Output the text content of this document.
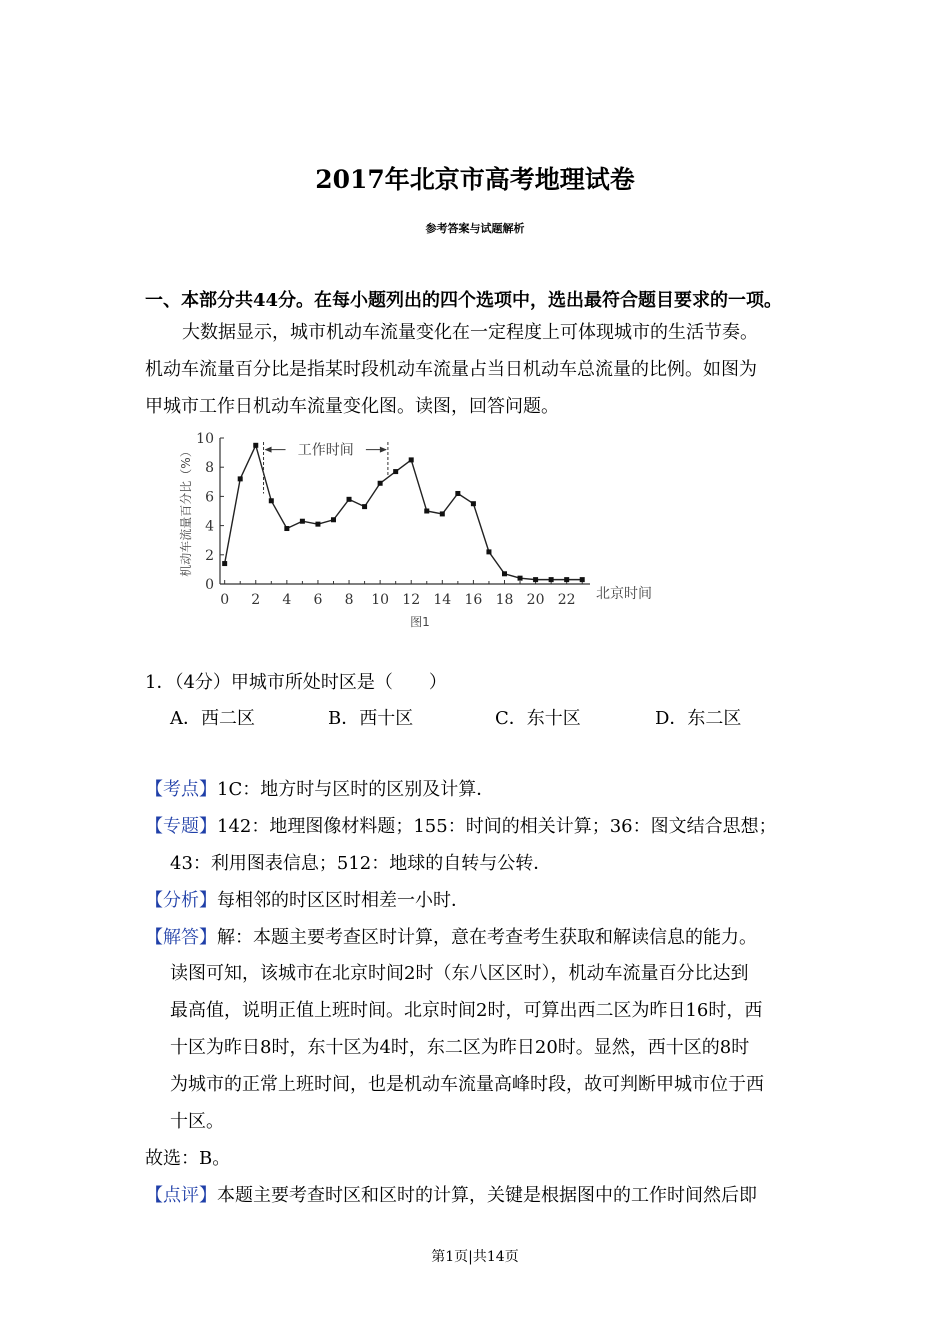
2017年北京市高考地理试卷
参考答案与试题解析
一、本部分共44分。在每小题列出的四个选项中，选出最符合题目要求的一项。
大数据显示，城市机动车流量变化在一定程度上可体现城市的生活节奏。
机动车流量百分比是指某时段机动车流量占当日机动车总流量的比例。如图为
甲城市工作日机动车流量变化图。读图，回答问题。
0
2
4
6
8
10
0 2 4 6 8 10 12 14 16 18 20 22
工作时间
机动车流量百分比（%）
北京时间
图1
1．（4分）甲城市所处时区是（　　）
A．西二区	B．西十区	C．东十区	D．东二区
【考点】1C：地方时与区时的区别及计算．
【专题】142：地理图像材料题；155：时间的相关计算；36：图文结合思想；
43：利用图表信息；512：地球的自转与公转．
【分析】每相邻的时区区时相差一小时．
【解答】解：本题主要考查区时计算，意在考查考生获取和解读信息的能力。
读图可知，该城市在北京时间2时（东八区区时），机动车流量百分比达到
最高值，说明正值上班时间。北京时间2时，可算出西二区为昨日16时，西
十区为昨日8时，东十区为4时，东二区为昨日20时。显然，西十区的8时
为城市的正常上班时间，也是机动车流量高峰时段，故可判断甲城市位于西
十区。
故选：B。
【点评】本题主要考查时区和区时的计算，关键是根据图中的工作时间然后即
第1页|共14页
